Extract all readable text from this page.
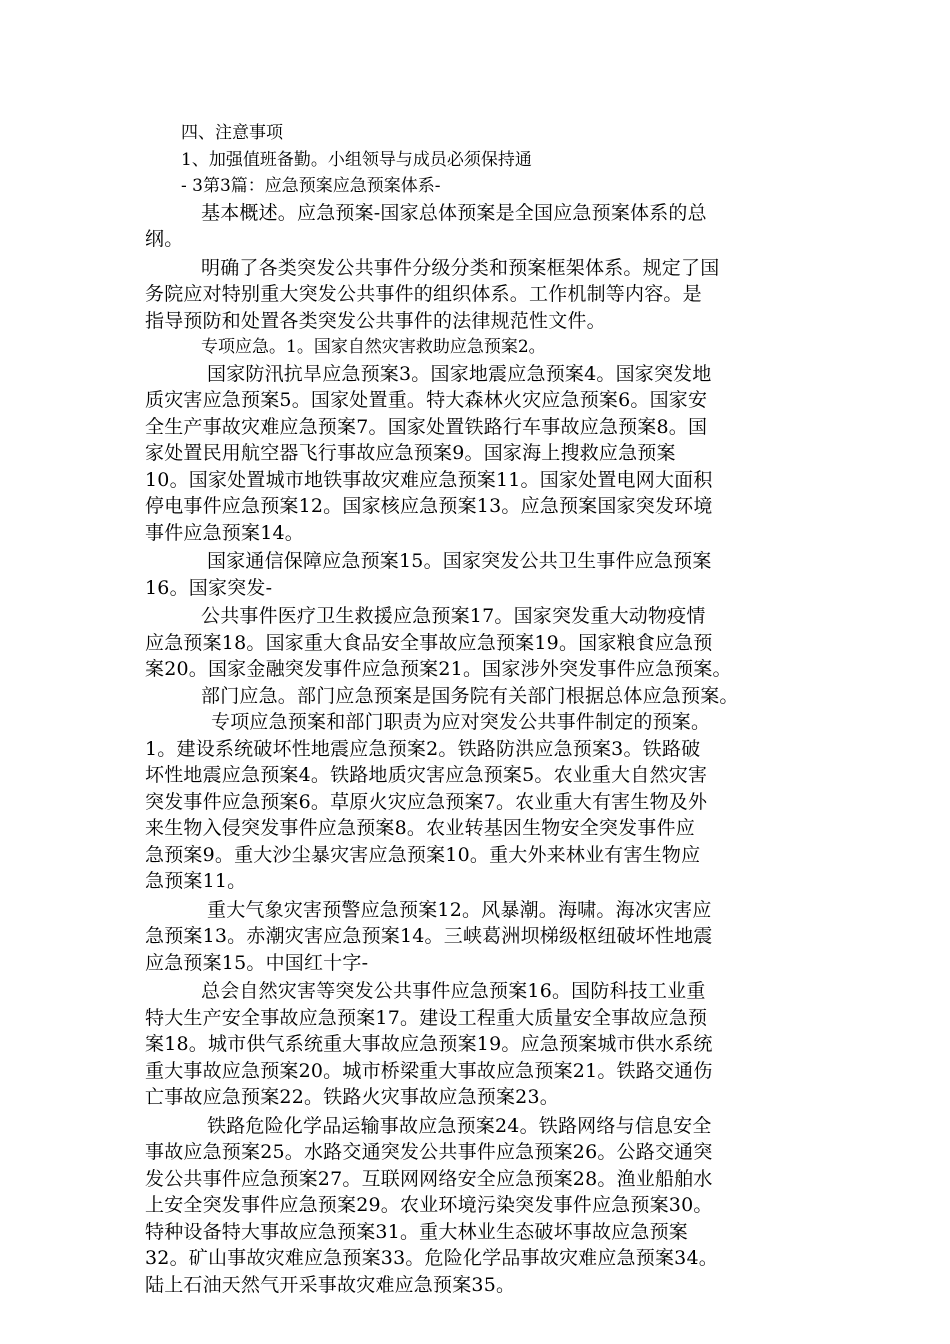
四、注意事项
1、加强值班备勤。小组领导与成员必须保持通
- 3第3篇：应急预案应急预案体系-
基本概述。应急预案-国家总体预案是全国应急预案体系的总
纲。
明确了各类突发公共事件分级分类和预案框架体系。规定了国
务院应对特别重大突发公共事件的组织体系。工作机制等内容。是
指导预防和处置各类突发公共事件的法律规范性文件。
专项应急。1。国家自然灾害救助应急预案2。
国家防汛抗旱应急预案3。国家地震应急预案4。国家突发地
质灾害应急预案5。国家处置重。特大森林火灾应急预案6。国家安
全生产事故灾难应急预案7。国家处置铁路行车事故应急预案8。国
家处置民用航空器飞行事故应急预案9。国家海上搜救应急预案
10。国家处置城市地铁事故灾难应急预案11。国家处置电网大面积
停电事件应急预案12。国家核应急预案13。应急预案国家突发环境
事件应急预案14。
国家通信保障应急预案15。国家突发公共卫生事件应急预案
16。国家突发-
公共事件医疗卫生救援应急预案17。国家突发重大动物疫情
应急预案18。国家重大食品安全事故应急预案19。国家粮食应急预
案20。国家金融突发事件应急预案21。国家涉外突发事件应急预案。
部门应急。部门应急预案是国务院有关部门根据总体应急预案。
专项应急预案和部门职责为应对突发公共事件制定的预案。
1。建设系统破坏性地震应急预案2。铁路防洪应急预案3。铁路破
坏性地震应急预案4。铁路地质灾害应急预案5。农业重大自然灾害
突发事件应急预案6。草原火灾应急预案7。农业重大有害生物及外
来生物入侵突发事件应急预案8。农业转基因生物安全突发事件应
急预案9。重大沙尘暴灾害应急预案10。重大外来林业有害生物应
急预案11。
重大气象灾害预警应急预案12。风暴潮。海啸。海冰灾害应
急预案13。赤潮灾害应急预案14。三峡葛洲坝梯级枢纽破坏性地震
应急预案15。中国红十字-
总会自然灾害等突发公共事件应急预案16。国防科技工业重
特大生产安全事故应急预案17。建设工程重大质量安全事故应急预
案18。城市供气系统重大事故应急预案19。应急预案城市供水系统
重大事故应急预案20。城市桥梁重大事故应急预案21。铁路交通伤
亡事故应急预案22。铁路火灾事故应急预案23。
铁路危险化学品运输事故应急预案24。铁路网络与信息安全
事故应急预案25。水路交通突发公共事件应急预案26。公路交通突
发公共事件应急预案27。互联网网络安全应急预案28。渔业船舶水
上安全突发事件应急预案29。农业环境污染突发事件应急预案30。
特种设备特大事故应急预案31。重大林业生态破坏事故应急预案
32。矿山事故灾难应急预案33。危险化学品事故灾难应急预案34。
陆上石油天然气开采事故灾难应急预案35。
